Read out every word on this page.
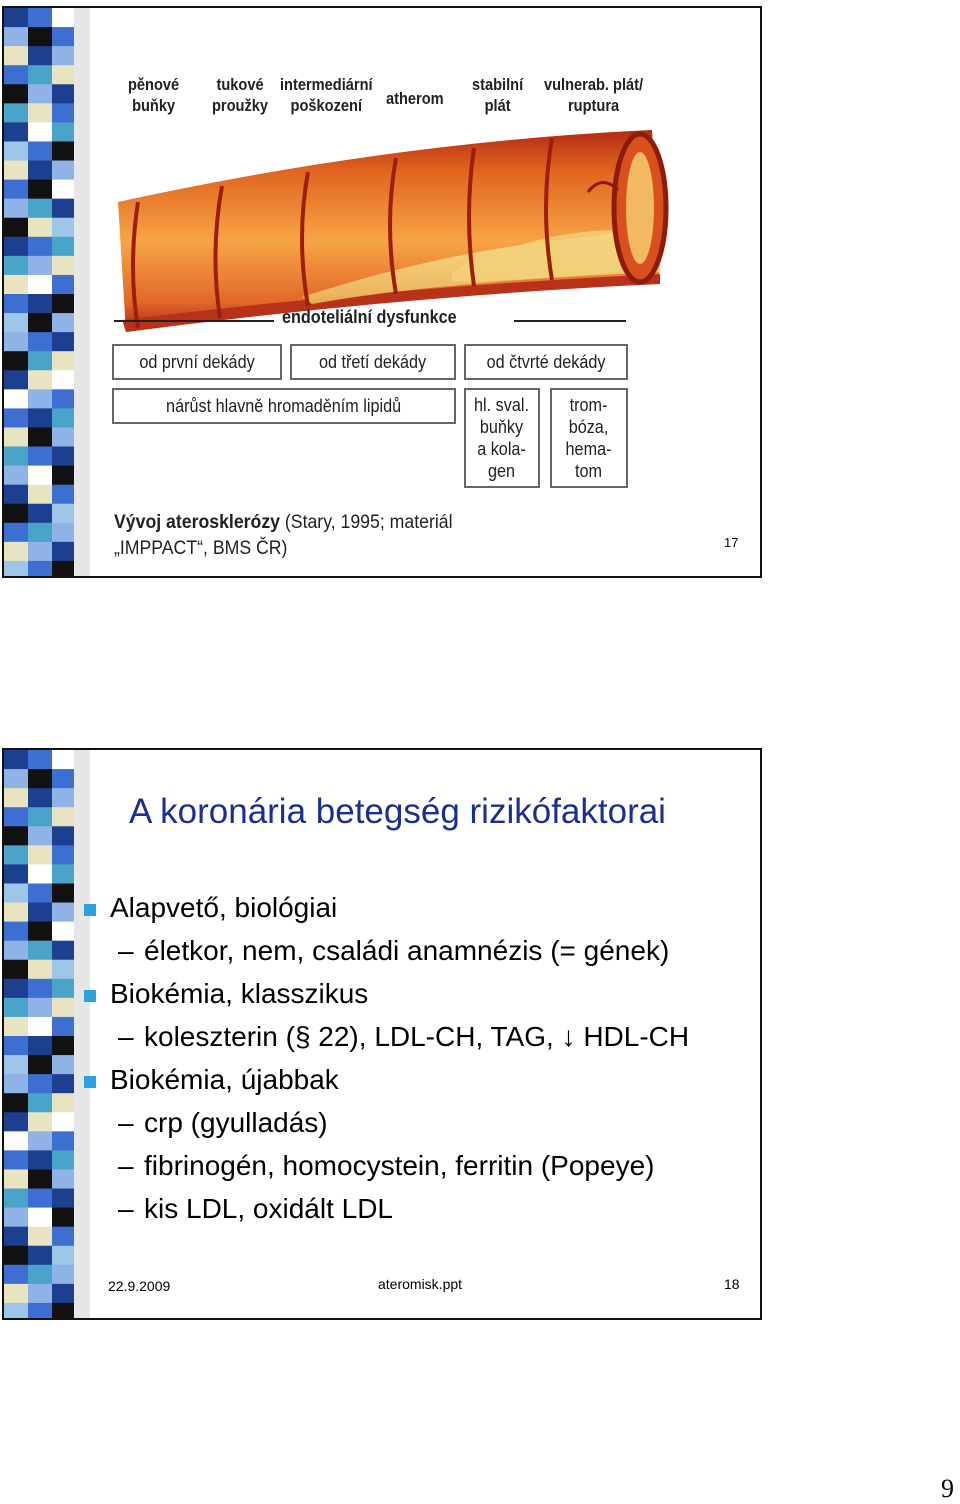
pěnové
buňky
tukové
proužky
intermediární
poškození	atherom
stabilní
plát
vulnerab. plát/
ruptura
endoteliální dysfunkce
od první dekády	od třetí dekády	od čtvrté dekády
nárůst hlavně hromaděním lipidů	hl. sval.
buňky
a kola-
gen
trom-
bóza,
hema-
tom
Vývoj aterosklerózy (Stary, 1995; materiál
„IMPPACT“, BMS ČR)	17
A koronária betegség rizikófaktorai
Alapvető, biológiai
– életkor, nem, családi anamnézis (= gének)
Biokémia, klasszikus
– koleszterin (§ 22), LDL-CH, TAG, ↓ HDL-CH
Biokémia, újabbak
– crp (gyulladás)
– fibrinogén, homocystein, ferritin (Popeye)
– kis LDL, oxidált LDL
22.9.2009	ateromisk.ppt	18
9
